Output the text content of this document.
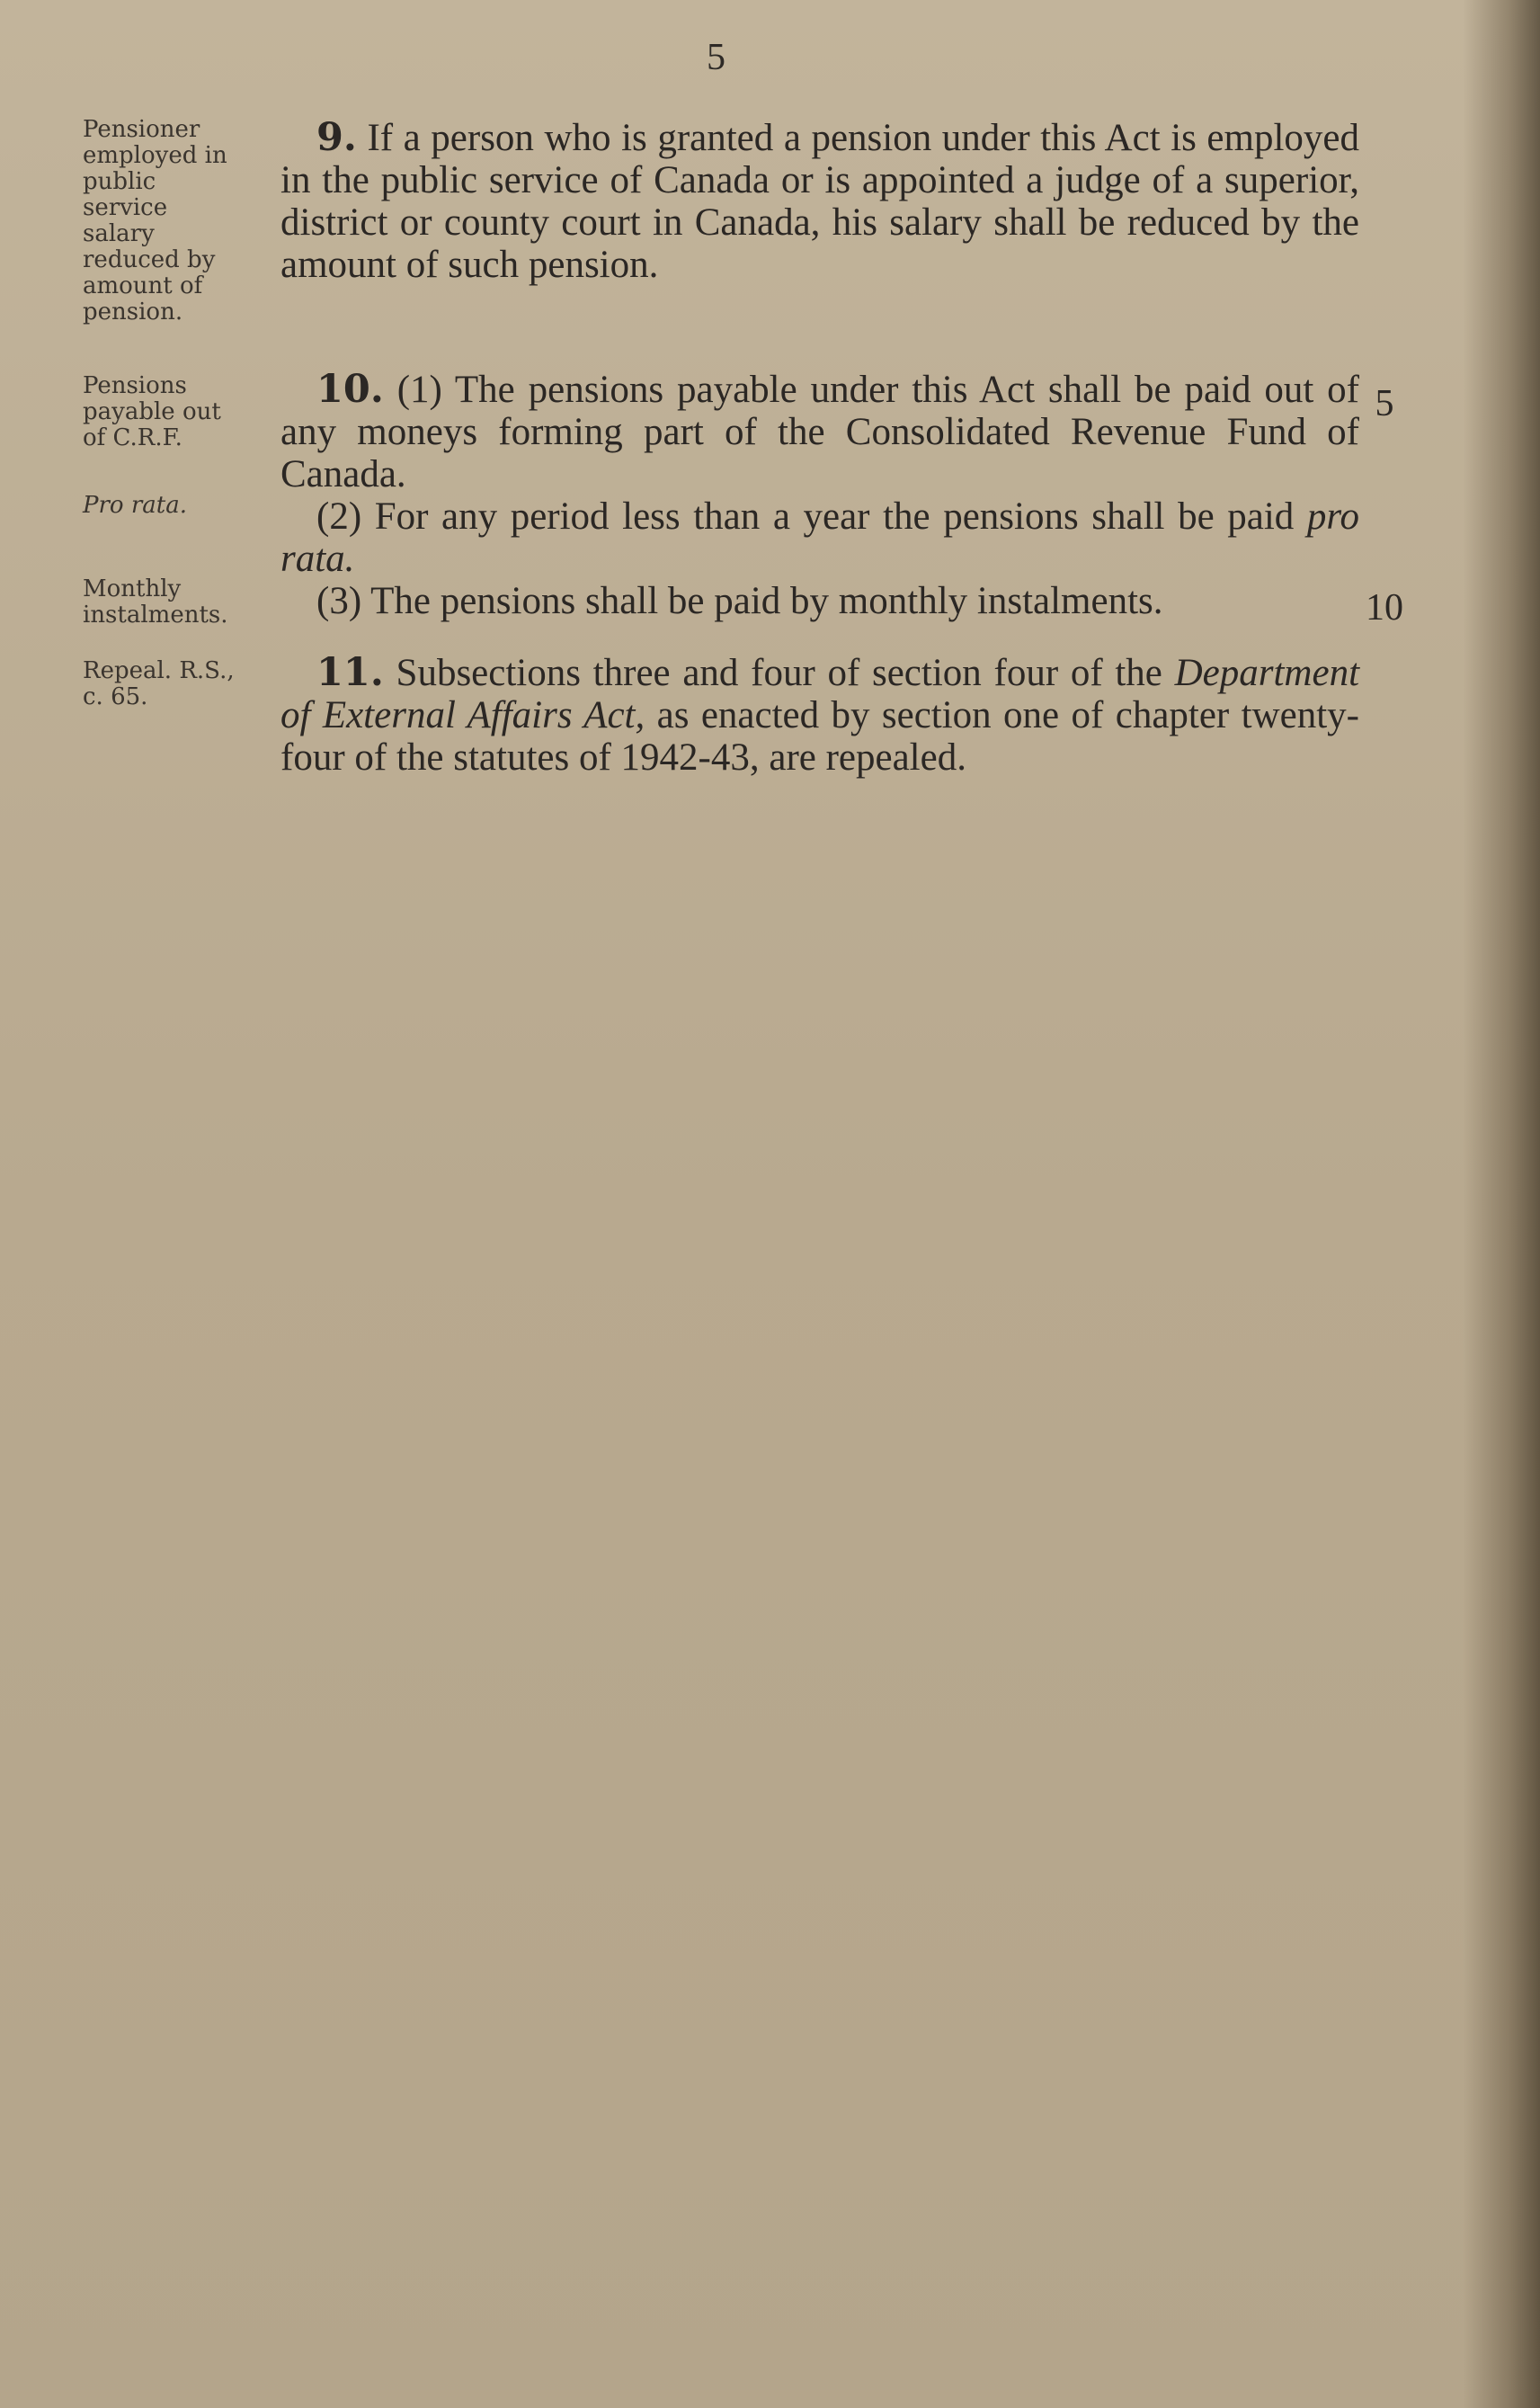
5
Pensioner employed in public service salary reduced by amount of pension.
Pensions payable out of C.R.F.
Pro rata.
Monthly instalments.
Repeal. R.S., c. 65.

9. If a person who is granted a pension under this Act is employed in the public service of Canada or is appointed a judge of a superior, district or county court in Canada, his salary shall be reduced by the amount of such pension.

10. (1) The pensions payable under this Act shall be paid out of any moneys forming part of the Consolidated Revenue Fund of Canada.

(2) For any period less than a year the pensions shall be paid pro rata.

(3) The pensions shall be paid by monthly instalments.

11. Subsections three and four of section four of the Department of External Affairs Act, as enacted by section one of chapter twenty-four of the statutes of 1942-43, are repealed.

5
10
